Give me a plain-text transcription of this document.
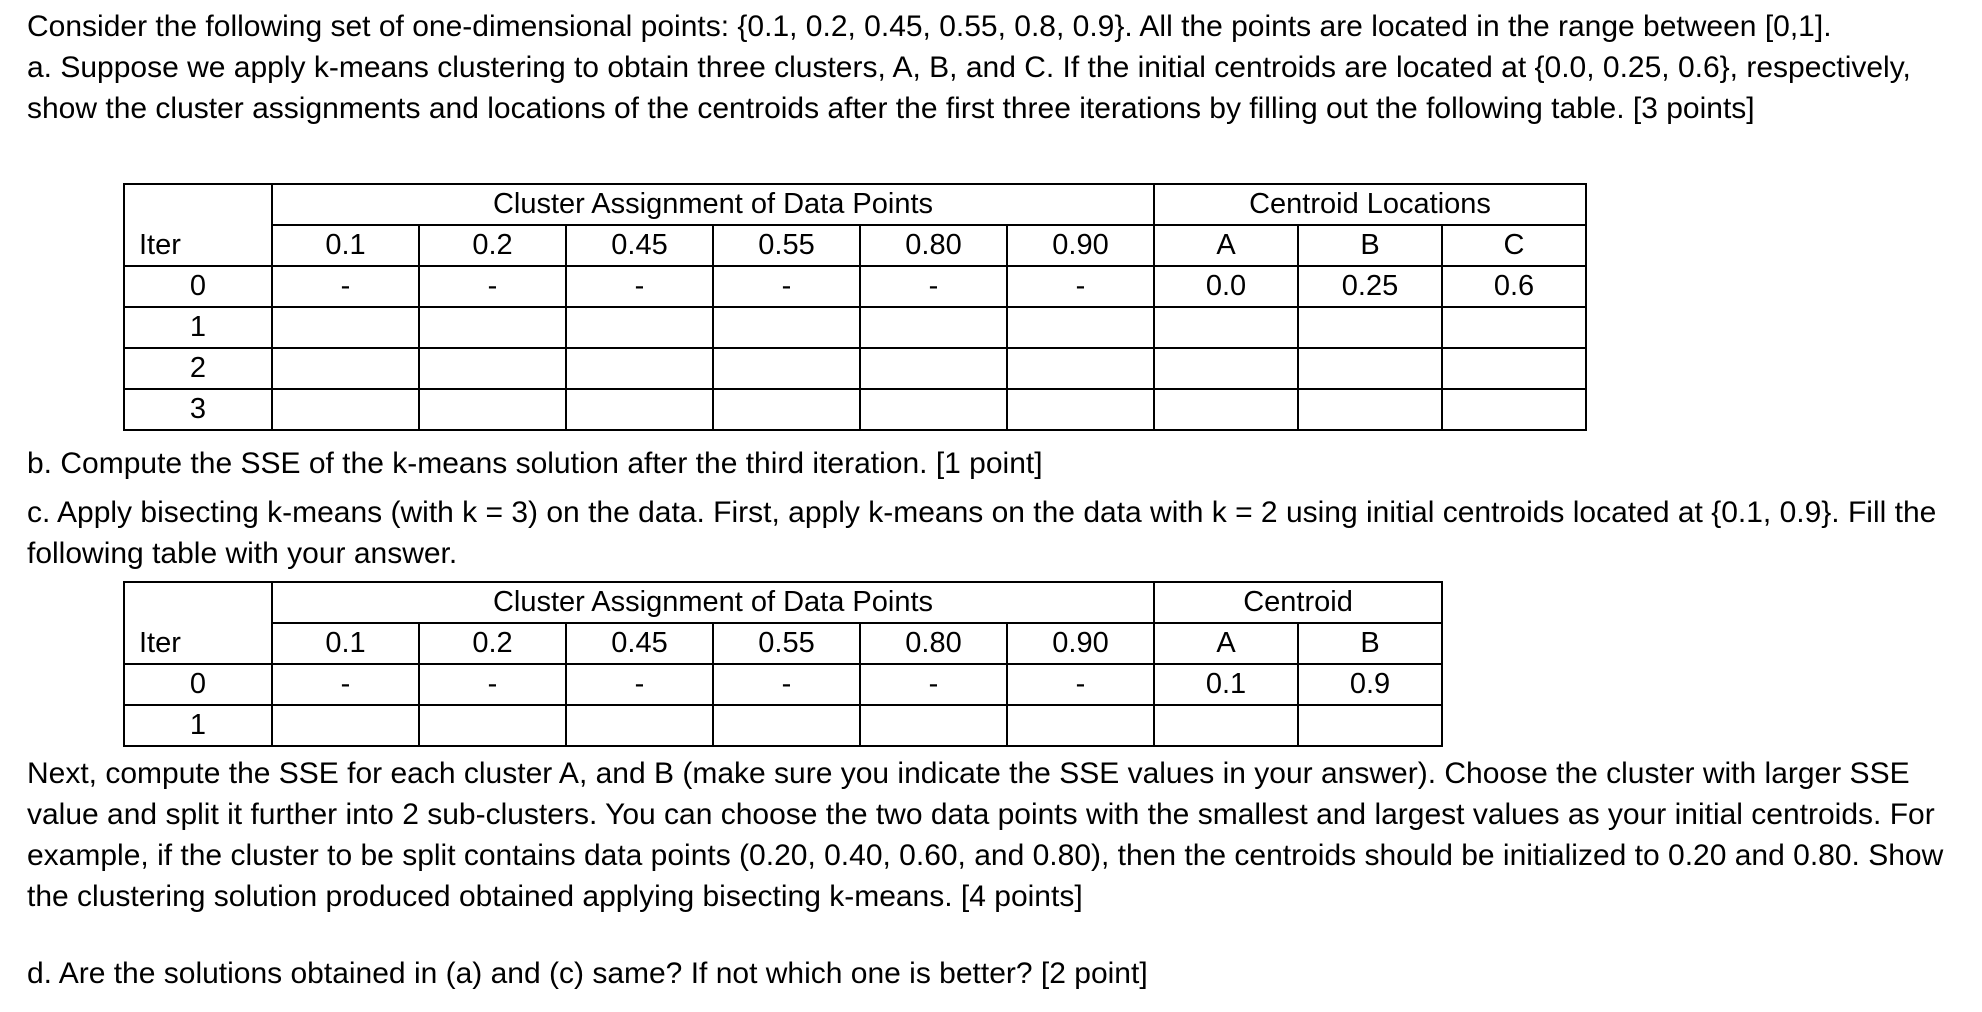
Consider the following set of one-dimensional points: {0.1, 0.2, 0.45, 0.55, 0.8, 0.9}. All the points are located in the range between [0,1].
a. Suppose we apply k-means clustering to obtain three clusters, A, B, and C. If the initial centroids are located at {0.0, 0.25, 0.6}, respectively, show the cluster assignments and locations of the centroids after the first three iterations by filling out the following table. [3 points]
	Cluster Assignment of Data Points						Centroid Locations		
Iter	0.1	0.2	0.45	0.55	0.80	0.90	A	B	C
0	-	-	-	-	-	-	0.0	0.25	0.6
1									
2									
3									
b. Compute the SSE of the k-means solution after the third iteration. [1 point]
c. Apply bisecting k-means (with k = 3) on the data. First, apply k-means on the data with k = 2 using initial centroids located at {0.1, 0.9}. Fill the following table with your answer.
	Cluster Assignment of Data Points						Centroid	
Iter	0.1	0.2	0.45	0.55	0.80	0.90	A	B
0	-	-	-	-	-	-	0.1	0.9
1								
Next, compute the SSE for each cluster A, and B (make sure you indicate the SSE values in your answer). Choose the cluster with larger SSE value and split it further into 2 sub-clusters. You can choose the two data points with the smallest and largest values as your initial centroids. For example, if the cluster to be split contains data points (0.20, 0.40, 0.60, and 0.80), then the centroids should be initialized to 0.20 and 0.80. Show the clustering solution produced obtained applying bisecting k-means. [4 points]
d. Are the solutions obtained in (a) and (c) same? If not which one is better? [2 point]
